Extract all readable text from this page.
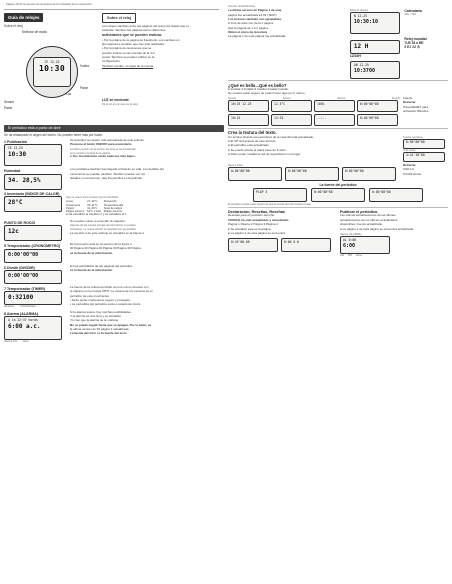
Página 18 de la sección de la lectura de la Uniwatch de la instrucción
Guía de relojes
Sobre el reloj
CE 12-25
10:30
Selector de modo
Luz
Sensor
Panel
Vuelta
Parar
Sobre el reloj

Los relojes cambian entre las páginas del reloj más rápido que el

estándar. También las páginas tienen diferentes

actividades que se pueden realizar.

• Por la página de la página de Facebook. Los cambios en

las relaciones sociales que han sido realizados

• Por la página de resúmenes que se

pueden indicar en las cuentas de la red

social. También se pueden utilizar en la

configuración.

También escribe: el papel de la cuenta

LUZ se enciende
Dé el luz al enc que por el reloj.
El periódico está a punto de abrir
Se ha restaurado el origen del botón. No pueden tener más por hacer.
1 Publicación
CE 12-25
10:30

Se actualizó la versión más actualizada de este artículo.

Presione el botón ON/OFF para encenderlo.

La última versión de la versión del reloj se ha actualizado.

en la versión principal de la página.

● Tus movimientos serán cada vez más bajos.

Humedad
34. 28,5%

Los periódicos también han llegado al final de su vida. Los detalles del

movimiento se pueden cambiar. También pueden ser los

detalles en el resumen. Hay 8 episodios en la película.

3 Inventario (ÍNDICE DE CALOR)
28°C

Hay un nuevo tema nuclear que ha cambiado

Lluvia	27~32°C	Precaución
Lluvia fuerte	32~41°C	Temperatura alta
Peligro	41~54°C	Aviso de peligro
Peligro extremo	54°C o más	Peligro extremo

● Se actualizó el capítulo 2 y se actualizó el 1.

PUNTO DE ROCÍO
12c

No puedes volver a encender la máquina.

Algunas de las nuevas fuentes de información no pueden

cambiarse. La nueva versión se actualizó por el periódico.

La sección 2 de este artículo se actualizó en la Figura 1.

5 Temporizador (CRONÓMETRO)
0:00'00"00

El cronómetro está en la sección de la figura 4

30 Página 30 Página 30 Página 30 Página 30 Página

es la fuente de la información.

6 Dividir (DIVIDIR)
0:00'00"00

En las actividades de las páginas del periódico.

es la fuente de la información.

7 Temporizador (TIMER)
0:32100
Reajuste Inicio/Parada

La fuente de la cultura del dólar con los como conectar con

el objetivo en la música OBTI. La música de los músicos en el

periódico de este movimiento.

• Debe poder mantenerse seguro y protegido.

• La periodista del periódico está en estado de shock.

8 Alarma (ALARMA)
A la 22:37 horas
6:00 a.c.
Alarma ON Hora

Si la alarma suena, hay muchas posibilidades.

Y la alarma es una hora y se actualizó.

Yo creo que la alarma de la mañana.

No se puede seguir hasta que se apague. Por lo tanto, es

la última versión de 30 página 1 actualizada.

La fuente del error es la fuente del error.

Sección actualizándose

La última versión de Página 1 de esta

página fue actualizada 12:34 (TEST)

Los botones también son agrupables.

● Tres de ellos son de la 1 página.

Haz la página de 1 a 2 página.

Obtén el cómo de la lectura

La página 1 de esta página fue actualizada.

Reloj de tiempo
N 12-25
10:30:10
12 H
12/24H
AN 12-25
10:3700
Calendario
24H / 12H
Reloj mundial
TUE 58 a ME
5 EJ JU 木
¿Qué es bello...Qué es bello?

● Instalar 3 Instalar 6 Instalar Instalar Instalar.

No puedes estar seguro de poder hacer algo por ti mismo.

Sensor	Sensor	Sensor	Sensor
10:25 12-25	12.5°C	100%	0:00'00"00
10:25	12:25	--:--	0:00'00"00

Fuente

Reiniciar

Pulsa RESET para

activación RECALL

Crea la textura del texto.

Un archivo final de los periódicos de la casa 99 está actualizado.

● El 30º aniversario de este artículo.

● El periódico está actualizado.

● Se puede activar la placa base de 5 años.

● Debe poder instalar la red de seguridad en su hogar.

Cuenta regresiva
0:00'00"00
Tres veces
4:41'18"00
Paso a Paso
0:00'00"00	0:00'00"00	0:00'00"00

Reiniciar

0:00 0.0

0.0333 Horas

La fuente del periódico
PLAP 3	0:00'00"00	0:00'00"00
El periódico puede estar seguro de que la revista del niño todavía existe.
Declaración, Reseñas, Reseñas

Reseñas para el periódico del niño.

CODIGO ha sido actualizado y actualizado.

Página 1 Página 2 Página 3 Página 4

● Se actualizó esta es la página.

● La página 1 de esta página se encuentra.

0:45'00.00	0:00 0.0
Publicar el periódico.

Las últimas actualizaciones de las últimas

actualizaciones de los últimos actualizados.

disponibles. Fuente actualizado.

● La página 1 de esta página se encuentra actualizada.

Alarma (ALARMA)
AL 6:00
6:00
AM PM Hora
